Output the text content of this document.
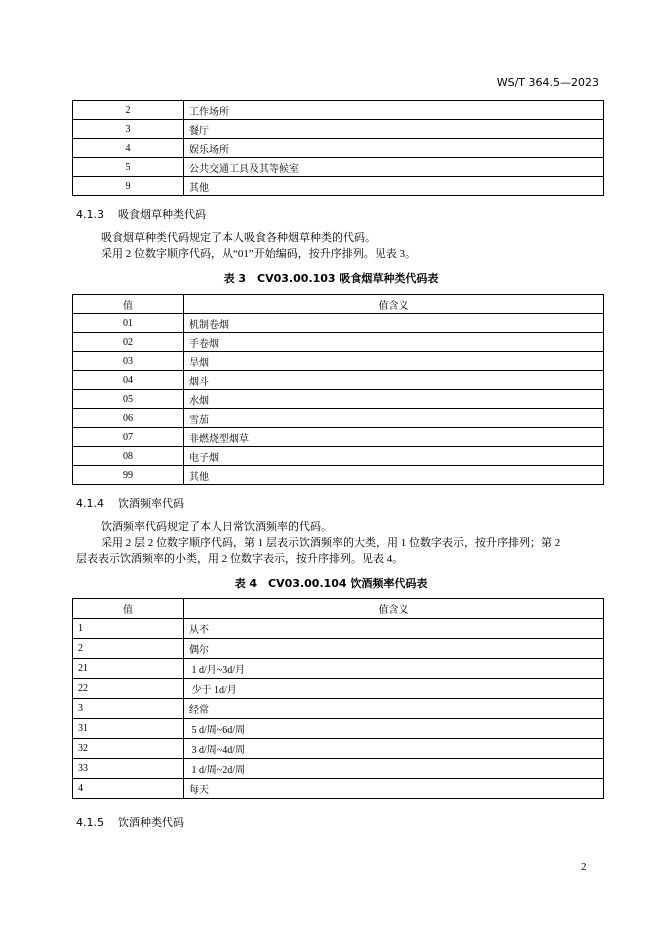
WS/T 364.5—2023
2	工作场所
3	餐厅
4	娱乐场所
5	公共交通工具及其等候室
9	其他
4.1.3 吸食烟草种类代码
吸食烟草种类代码规定了本人吸食各种烟草种类的代码。
采用 2 位数字顺序代码，从“01”开始编码，按升序排列。见表 3。
表 3　CV03.00.103 吸食烟草种类代码表
值	值含义
01	机制卷烟
02	手卷烟
03	旱烟
04	烟斗
05	水烟
06	雪茄
07	非燃烧型烟草
08	电子烟
99	其他
4.1.4 饮酒频率代码
饮酒频率代码规定了本人日常饮酒频率的代码。
采用 2 层 2 位数字顺序代码，第 1 层表示饮酒频率的大类，用 1 位数字表示，按升序排列；第 2
层表表示饮酒频率的小类，用 2 位数字表示，按升序排列。见表 4。
表 4　CV03.00.104 饮酒频率代码表
值	值含义
1	从不
2	偶尔
21	1 d/月~3d/月
22	少于 1d/月
3	经常
31	5 d/周~6d/周
32	3 d/周~4d/周
33	1 d/周~2d/周
4	每天
4.1.5 饮酒种类代码
2
